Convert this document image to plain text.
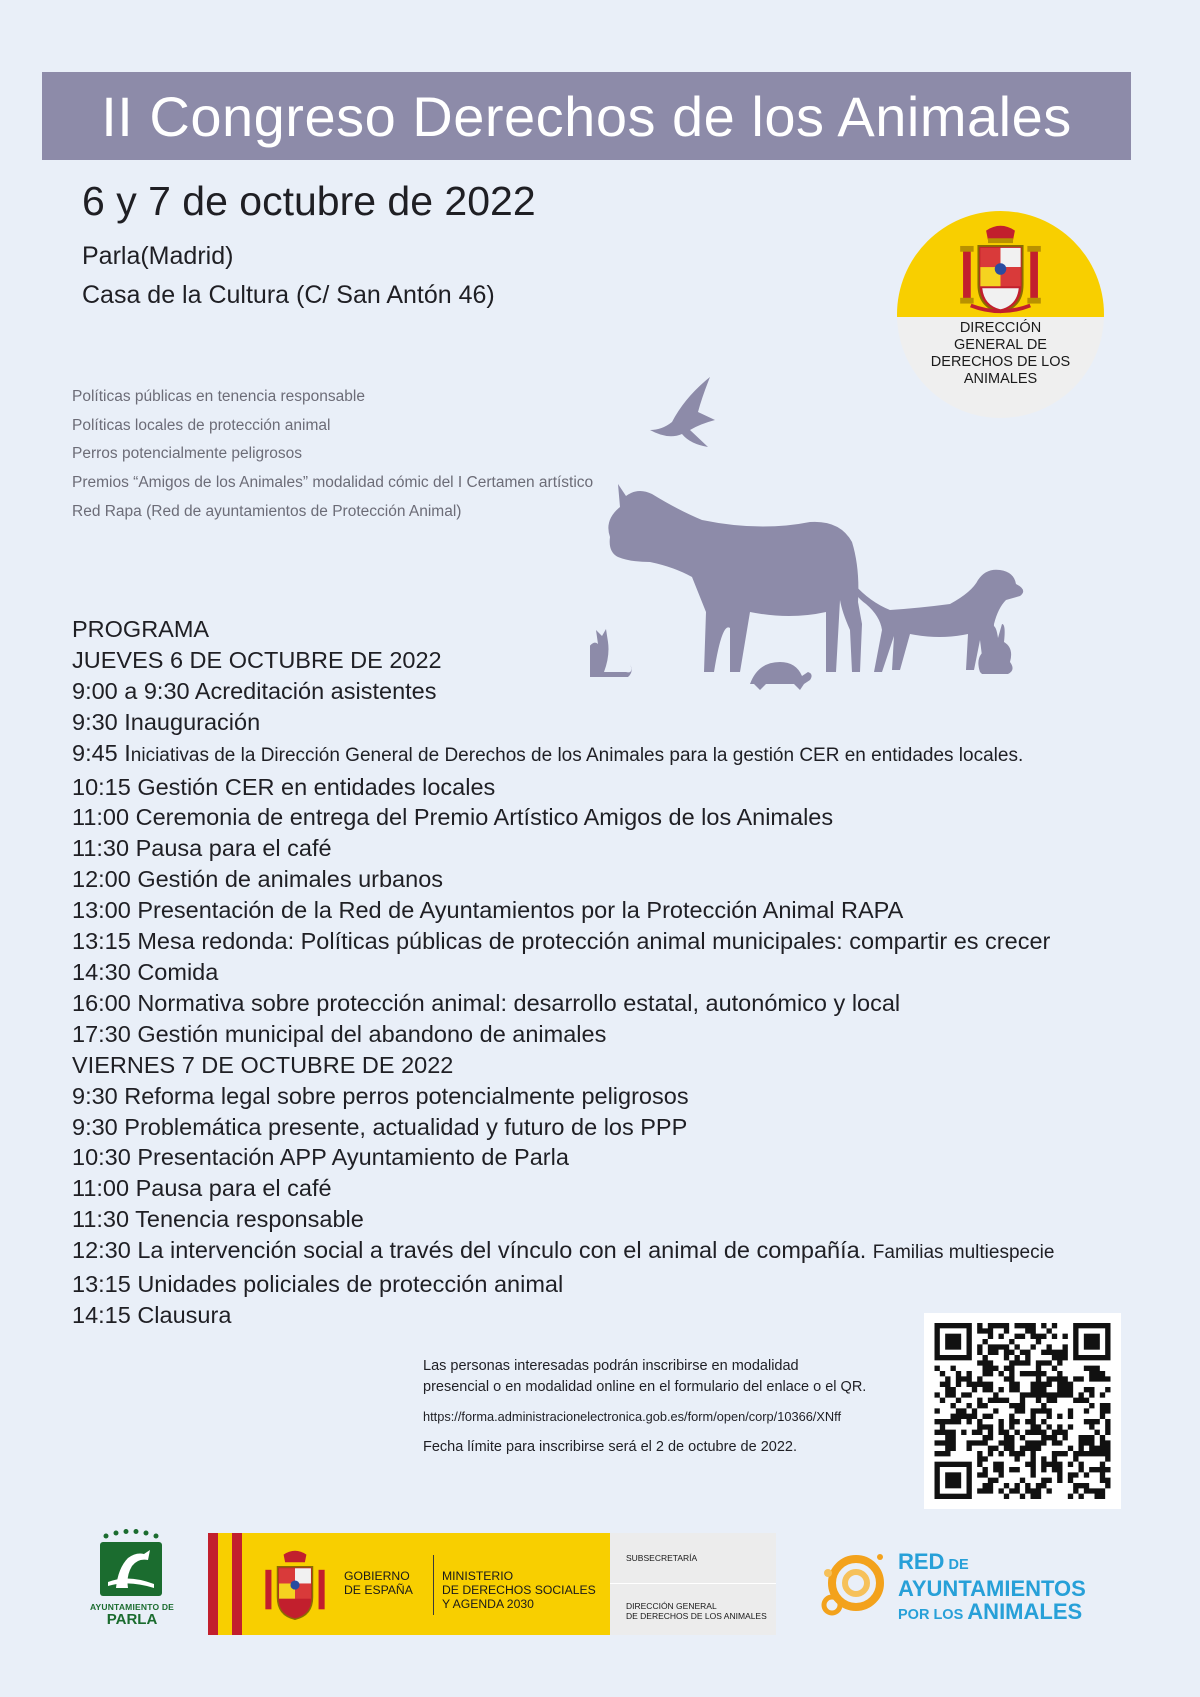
II Congreso Derechos de los Animales
6 y 7 de octubre de 2022
Parla(Madrid)
Casa de la Cultura (C/ San Antón 46)
DIRECCIÓN
GENERAL DE
DERECHOS DE LOS
ANIMALES
Políticas públicas en tenencia responsable
Políticas locales de protección animal
Perros potencialmente peligrosos
Premios “Amigos de los Animales” modalidad cómic del I Certamen artístico
Red Rapa (Red de ayuntamientos de Protección Animal)
PROGRAMA
JUEVES 6 DE OCTUBRE DE 2022
9:00 a 9:30 Acreditación asistentes
9:30 Inauguración
9:45 Iniciativas de la Dirección General de Derechos de los Animales para la gestión CER en entidades locales.
10:15 Gestión CER en entidades locales
11:00 Ceremonia de entrega del Premio Artístico Amigos de los Animales
11:30 Pausa para el café
12:00 Gestión de animales urbanos
13:00 Presentación de la Red de Ayuntamientos por la Protección Animal RAPA
13:15 Mesa redonda: Políticas públicas de protección animal municipales: compartir es crecer
14:30 Comida
16:00 Normativa sobre protección animal: desarrollo estatal, autonómico y local
17:30 Gestión municipal del abandono de animales
VIERNES 7 DE OCTUBRE DE 2022
9:30 Reforma legal sobre perros potencialmente peligrosos
9:30 Problemática presente, actualidad y futuro de los PPP
10:30 Presentación APP Ayuntamiento de Parla
11:00 Pausa para el café
11:30 Tenencia responsable
12:30 La intervención social a través del vínculo con el animal de compañía. Familias multiespecie
13:15 Unidades policiales de protección animal
14:15 Clausura
Las personas interesadas podrán inscribirse en modalidad
presencial o en modalidad online en el formulario del enlace o el QR.
https://forma.administracionelectronica.gob.es/form/open/corp/10366/XNff
Fecha límite para inscribirse será el 2 de octubre de 2022.
AYUNTAMIENTO DE
PARLA
GOBIERNO
DE ESPAÑA
MINISTERIO
DE DERECHOS SOCIALES
Y AGENDA 2030
SUBSECRETARÍA
DIRECCIÓN GENERAL
DE DERECHOS DE LOS ANIMALES
RED DE
AYUNTAMIENTOS
POR LOS ANIMALES
